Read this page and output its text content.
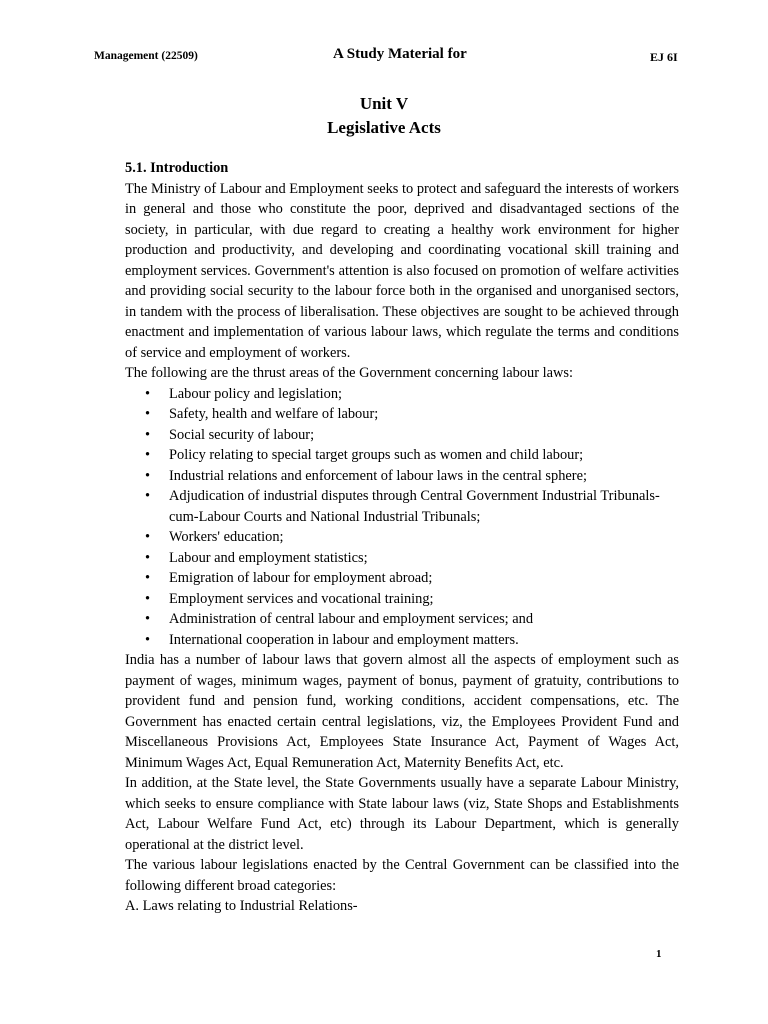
Management (22509)	A Study Material for	EJ 6I
Unit V
Legislative Acts
5.1. Introduction

The Ministry of Labour and Employment seeks to protect and safeguard the interests of workers in general and those who constitute the poor, deprived and disadvantaged sections of the society, in particular, with due regard to creating a healthy work environment for higher production and productivity, and developing and coordinating vocational skill training and employment services. Government's attention is also focused on promotion of welfare activities and providing social security to the labour force both in the organised and unorganised sectors, in tandem with the process of liberalisation. These objectives are sought to be achieved through enactment and implementation of various labour laws, which regulate the terms and conditions of service and employment of workers.

The following are the thrust areas of the Government concerning labour laws:
• Labour policy and legislation;
• Safety, health and welfare of labour;
• Social security of labour;
• Policy relating to special target groups such as women and child labour;
• Industrial relations and enforcement of labour laws in the central sphere;
• Adjudication of industrial disputes through Central Government Industrial Tribunals-cum-Labour Courts and National Industrial Tribunals;
• Workers' education;
• Labour and employment statistics;
• Emigration of labour for employment abroad;
• Employment services and vocational training;
• Administration of central labour and employment services; and
• International cooperation in labour and employment matters.

India has a number of labour laws that govern almost all the aspects of employment such as payment of wages, minimum wages, payment of bonus, payment of gratuity, contributions to provident fund and pension fund, working conditions, accident compensations, etc. The Government has enacted certain central legislations, viz, the Employees Provident Fund and Miscellaneous Provisions Act, Employees State Insurance Act, Payment of Wages Act, Minimum Wages Act, Equal Remuneration Act, Maternity Benefits Act, etc.

In addition, at the State level, the State Governments usually have a separate Labour Ministry, which seeks to ensure compliance with State labour laws (viz, State Shops and Establishments Act, Labour Welfare Fund Act, etc) through its Labour Department, which is generally operational at the district level.

The various labour legislations enacted by the Central Government can be classified into the following different broad categories:

A. Laws relating to Industrial Relations-
1
